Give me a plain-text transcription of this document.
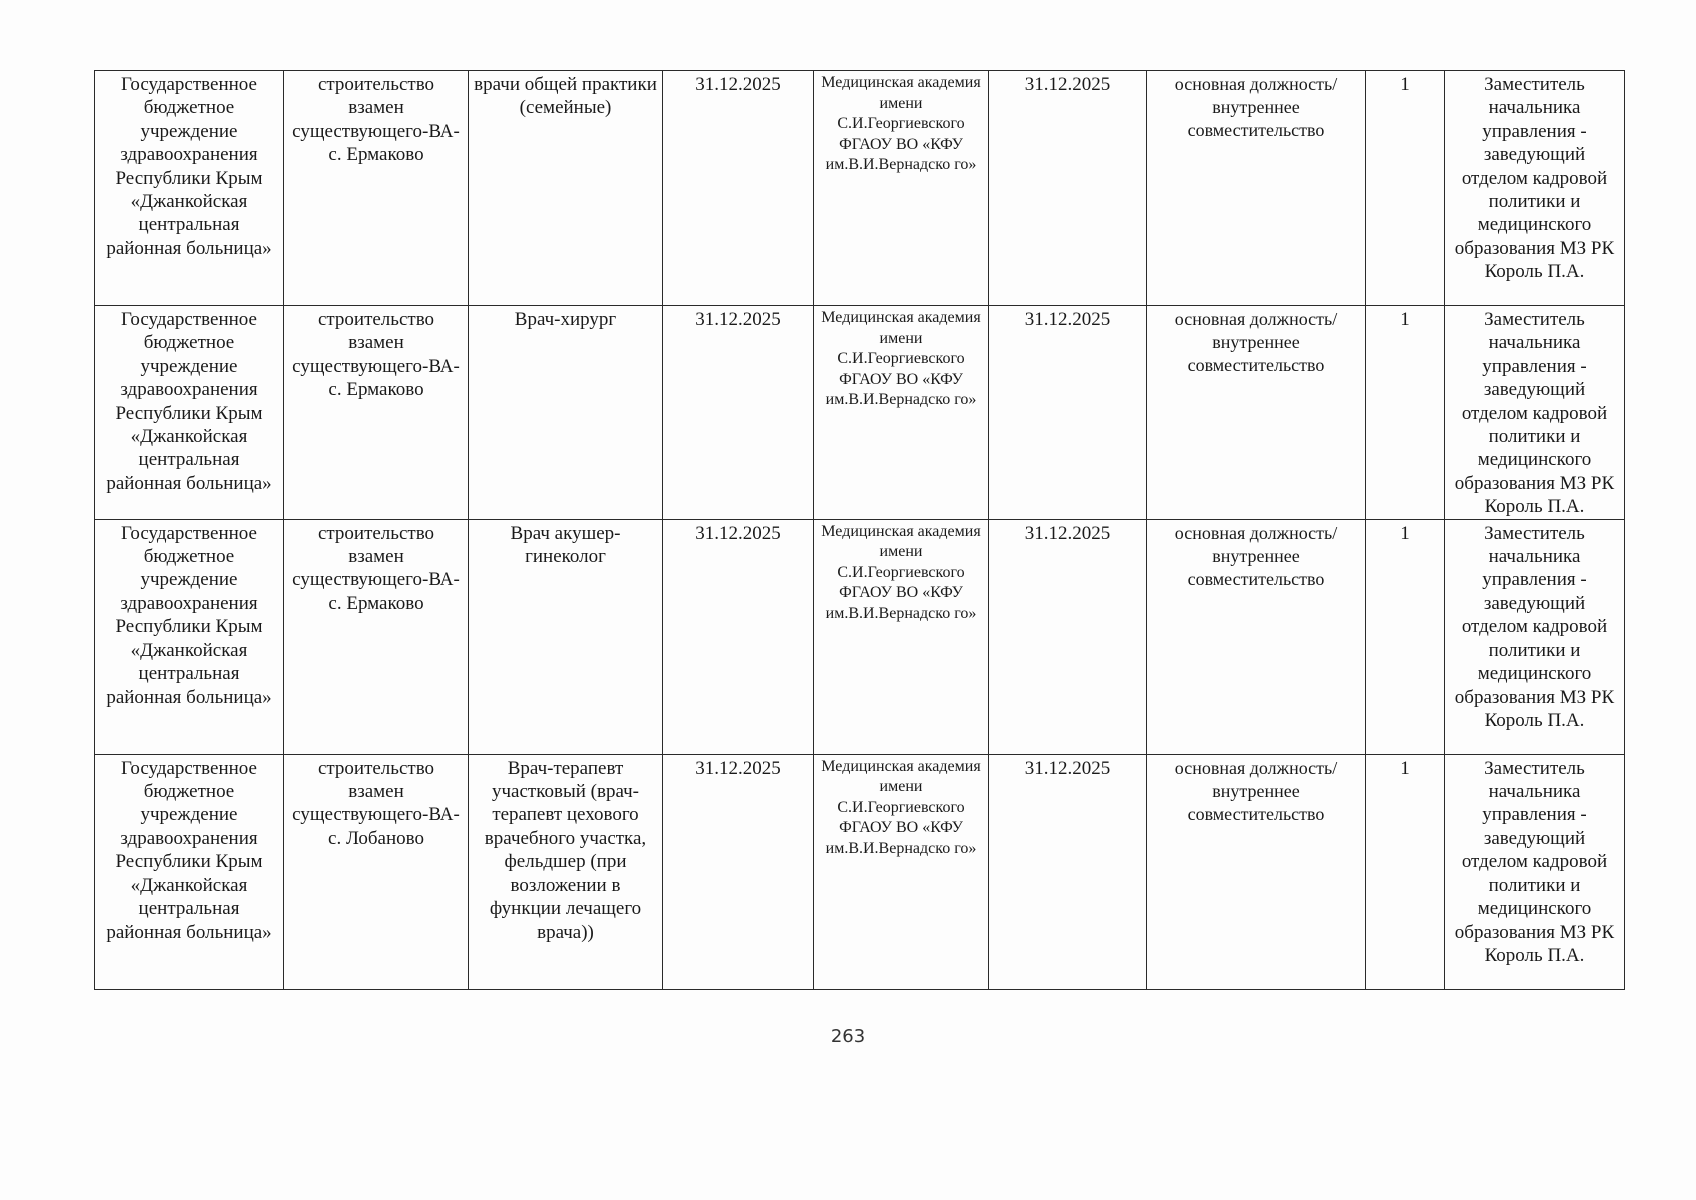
Государственное бюджетное учреждение здравоохранения Республики Крым «Джанкойская центральная районная больница»	строительство взамен существующего-ВА-с. Ермаково	врачи общей практики (семейные)	31.12.2025	Медицинская академия имени С.И.Георгиевского ФГАОУ ВО «КФУ им.В.И.Вернадско го»	31.12.2025	основная должность/ внутреннее совместительство	1	Заместитель начальника управления - заведующий отделом кадровой политики и медицинского образования МЗ РК Король П.А.
Государственное бюджетное учреждение здравоохранения Республики Крым «Джанкойская центральная районная больница»	строительство взамен существующего-ВА-с. Ермаково	Врач-хирург	31.12.2025	Медицинская академия имени С.И.Георгиевского ФГАОУ ВО «КФУ им.В.И.Вернадско го»	31.12.2025	основная должность/ внутреннее совместительство	1	Заместитель начальника управления - заведующий отделом кадровой политики и медицинского образования МЗ РК Король П.А.
Государственное бюджетное учреждение здравоохранения Республики Крым «Джанкойская центральная районная больница»	строительство взамен существующего-ВА-с. Ермаково	Врач акушер-гинеколог	31.12.2025	Медицинская академия имени С.И.Георгиевского ФГАОУ ВО «КФУ им.В.И.Вернадско го»	31.12.2025	основная должность/ внутреннее совместительство	1	Заместитель начальника управления - заведующий отделом кадровой политики и медицинского образования МЗ РК Король П.А.
Государственное бюджетное учреждение здравоохранения Республики Крым «Джанкойская центральная районная больница»	строительство взамен существующего-ВА-с. Лобаново	Врач-терапевт участковый (врач-терапевт цехового врачебного участка, фельдшер (при возложении в функции лечащего врача))	31.12.2025	Медицинская академия имени С.И.Георгиевского ФГАОУ ВО «КФУ им.В.И.Вернадско го»	31.12.2025	основная должность/ внутреннее совместительство	1	Заместитель начальника управления - заведующий отделом кадровой политики и медицинского образования МЗ РК Король П.А.
263
